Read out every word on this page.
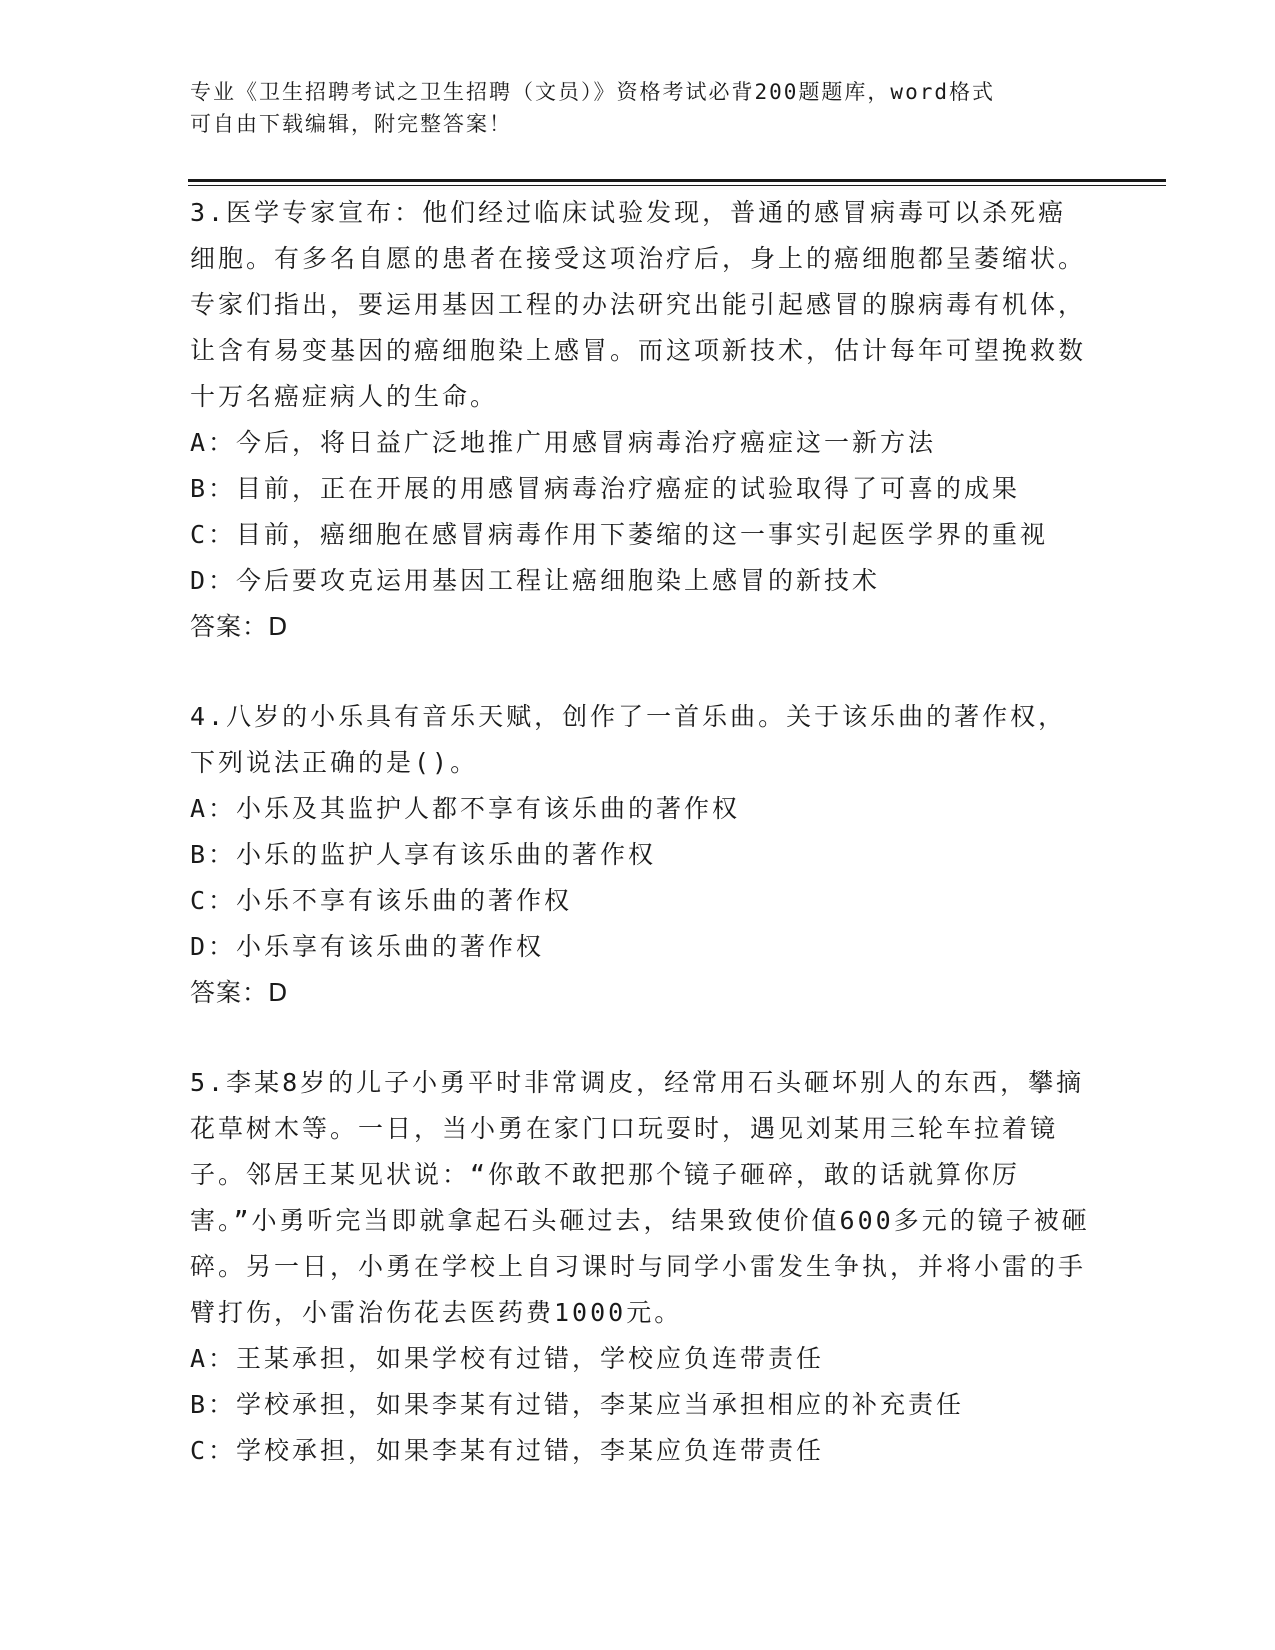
专业《卫生招聘考试之卫生招聘（文员）》资格考试必背200题题库，word格式
可自由下载编辑，附完整答案！

3.医学专家宣布：他们经过临床试验发现，普通的感冒病毒可以杀死癌细胞。有多名自愿的患者在接受这项治疗后，身上的癌细胞都呈萎缩状。专家们指出，要运用基因工程的办法研究出能引起感冒的腺病毒有机体，让含有易变基因的癌细胞染上感冒。而这项新技术，估计每年可望挽救数十万名癌症病人的生命。

A：今后，将日益广泛地推广用感冒病毒治疗癌症这一新方法

B：目前，正在开展的用感冒病毒治疗癌症的试验取得了可喜的成果

C：目前，癌细胞在感冒病毒作用下萎缩的这一事实引起医学界的重视

D：今后要攻克运用基因工程让癌细胞染上感冒的新技术

答案：D

4.八岁的小乐具有音乐天赋，创作了一首乐曲。关于该乐曲的著作权，下列说法正确的是()。

A：小乐及其监护人都不享有该乐曲的著作权

B：小乐的监护人享有该乐曲的著作权

C：小乐不享有该乐曲的著作权

D：小乐享有该乐曲的著作权

答案：D

5.李某8岁的儿子小勇平时非常调皮，经常用石头砸坏别人的东西，攀摘花草树木等。一日，当小勇在家门口玩耍时，遇见刘某用三轮车拉着镜子。邻居王某见状说：“你敢不敢把那个镜子砸碎，敢的话就算你厉害。”小勇听完当即就拿起石头砸过去，结果致使价值600多元的镜子被砸碎。另一日，小勇在学校上自习课时与同学小雷发生争执，并将小雷的手臂打伤，小雷治伤花去医药费1000元。

A：王某承担，如果学校有过错，学校应负连带责任

B：学校承担，如果李某有过错，李某应当承担相应的补充责任

C：学校承担，如果李某有过错，李某应负连带责任
